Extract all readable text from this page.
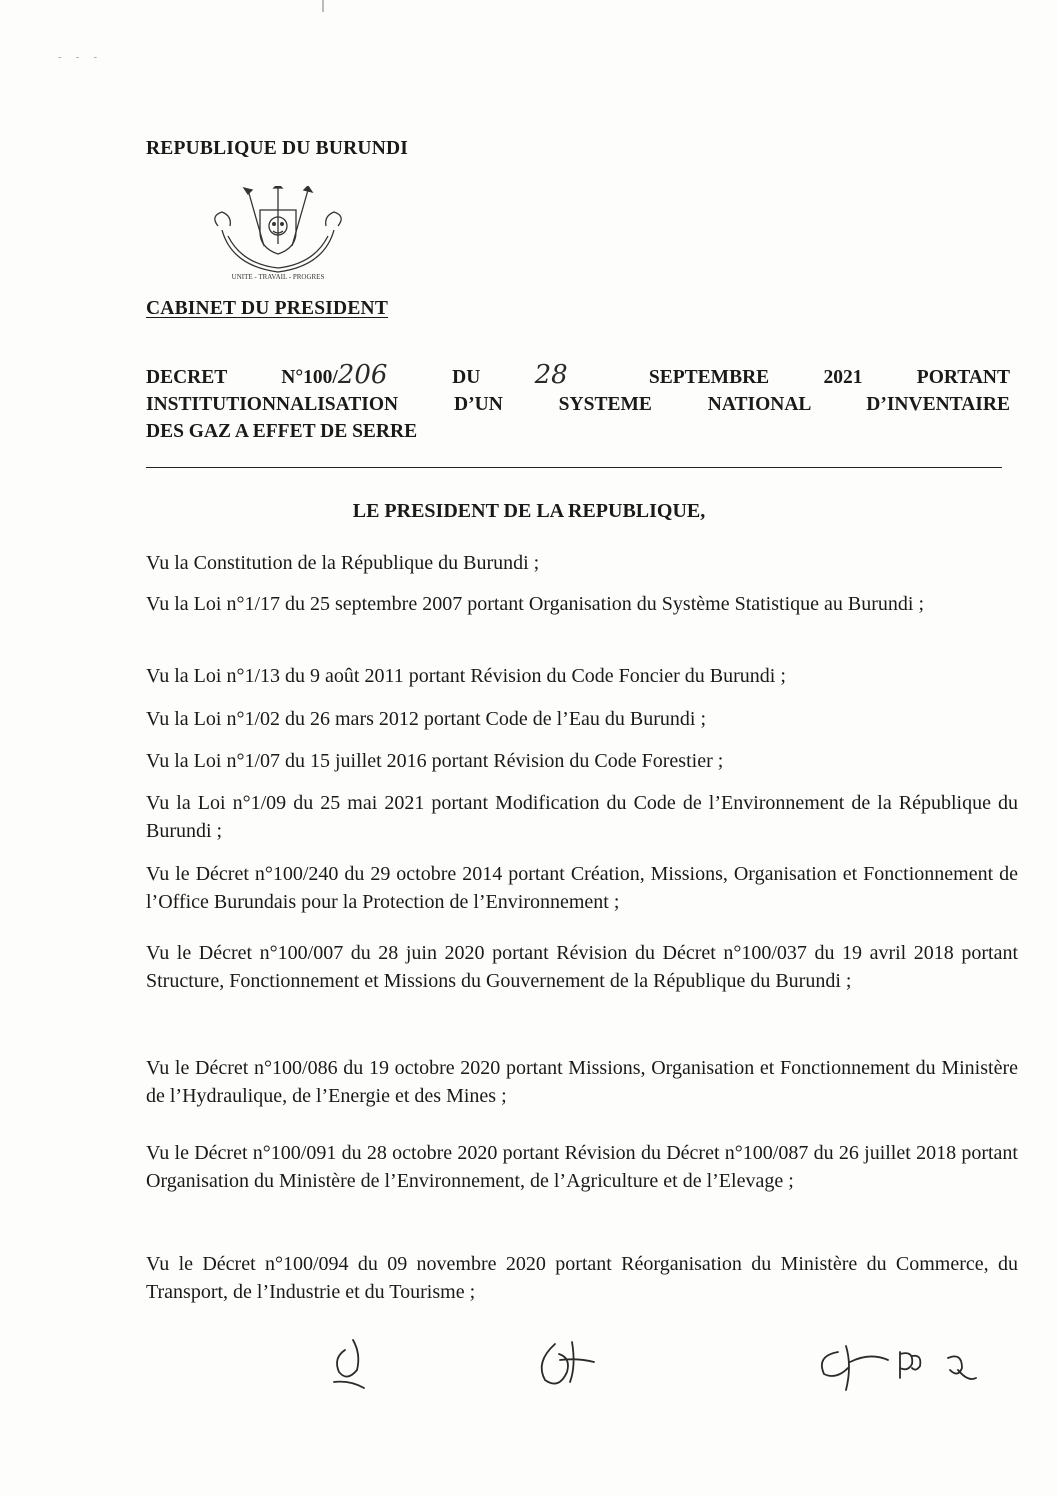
- - -
REPUBLIQUE DU BURUNDI
UNITE - TRAVAIL - PROGRES
CABINET DU PRESIDENT
DECRET	N°100/206	DU 28	SEPTEMBRE 2021 PORTANT
INSTITUTIONNALISATION D’UN SYSTEME NATIONAL D’INVENTAIRE
DES GAZ A EFFET DE SERRE
LE PRESIDENT DE LA REPUBLIQUE,

Vu la Constitution de la République du Burundi ;

Vu la Loi n°1/17 du 25 septembre 2007 portant Organisation du Système Statistique au Burundi ;

Vu la Loi n°1/13 du 9 août 2011 portant Révision du Code Foncier du Burundi ;

Vu la Loi n°1/02 du 26 mars 2012 portant Code de l’Eau du Burundi ;

Vu la Loi n°1/07 du 15 juillet 2016 portant Révision du Code Forestier ;

Vu la Loi n°1/09 du 25 mai 2021 portant Modification du Code de l’Environnement de la République du Burundi ;

Vu le Décret n°100/240 du 29 octobre 2014 portant Création, Missions, Organisation et Fonctionnement de l’Office Burundais pour la Protection de l’Environnement ;

Vu le Décret n°100/007 du 28 juin 2020 portant Révision du Décret n°100/037 du 19 avril 2018 portant Structure, Fonctionnement et Missions du Gouvernement de la République du Burundi ;

Vu le Décret n°100/086 du 19 octobre 2020 portant Missions, Organisation et Fonctionnement du Ministère de l’Hydraulique, de l’Energie et des Mines ;

Vu le Décret n°100/091 du 28 octobre 2020 portant Révision du Décret n°100/087 du 26 juillet 2018 portant Organisation du Ministère de l’Environnement, de l’Agriculture et de l’Elevage ;

Vu le Décret n°100/094 du 09 novembre 2020 portant Réorganisation du Ministère du Commerce, du Transport, de l’Industrie et du Tourisme ;
